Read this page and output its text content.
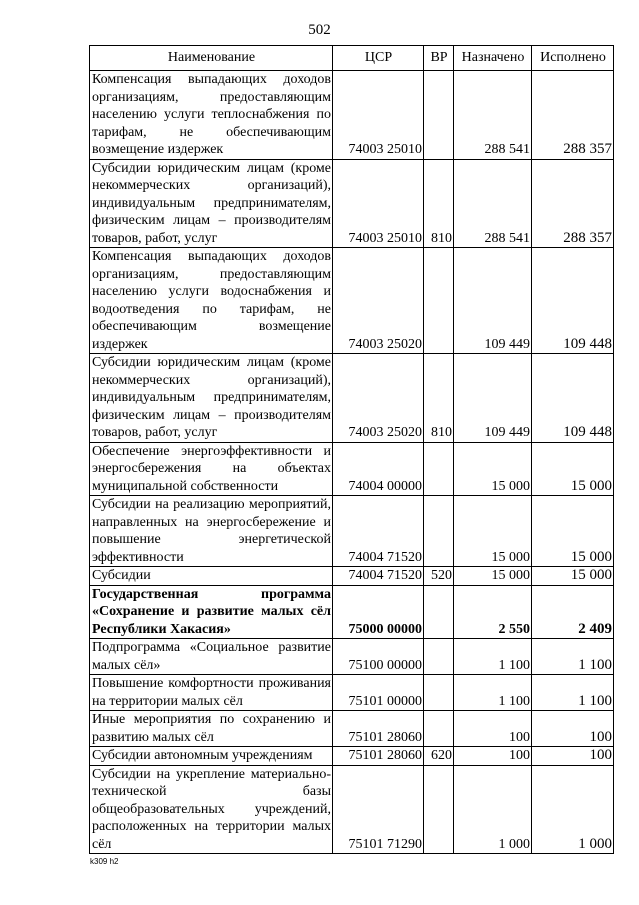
502
Наименование	ЦСР	ВР	Назначено	Исполнено
Компенсация выпадающих доходов организациям, предоставляющим населению услуги теплоснабжения по тарифам, не обеспечивающим возмещение издержек	74003 25010		288 541	288 357
Субсидии юридическим лицам (кроме некоммерческих организаций), индивидуальным предпринимателям, физическим лицам – производителям товаров, работ, услуг	74003 25010	810	288 541	288 357
Компенсация выпадающих доходов организациям, предоставляющим населению услуги водоснабжения и водоотведения по тарифам, не обеспечивающим возмещение издержек	74003 25020		109 449	109 448
Субсидии юридическим лицам (кроме некоммерческих организаций), индивидуальным предпринимателям, физическим лицам – производителям товаров, работ, услуг	74003 25020	810	109 449	109 448
Обеспечение энергоэффективности и энергосбережения на объектах муниципальной собственности	74004 00000		15 000	15 000
Субсидии на реализацию мероприятий, направленных на энергосбережение и повышение энергетической эффективности	74004 71520		15 000	15 000
Субсидии	74004 71520	520	15 000	15 000
Государственная программа «Сохранение и развитие малых сёл Республики Хакасия»	75000 00000		2 550	2 409
Подпрограмма «Социальное развитие малых сёл»	75100 00000		1 100	1 100
Повышение комфортности проживания на территории малых сёл	75101 00000		1 100	1 100
Иные мероприятия по сохранению и развитию малых сёл	75101 28060		100	100
Субсидии автономным учреждениям	75101 28060	620	100	100
Субсидии на укрепление материально-технической базы общеобразовательных учреждений, расположенных на территории малых сёл	75101 71290		1 000	1 000
k309 h2
